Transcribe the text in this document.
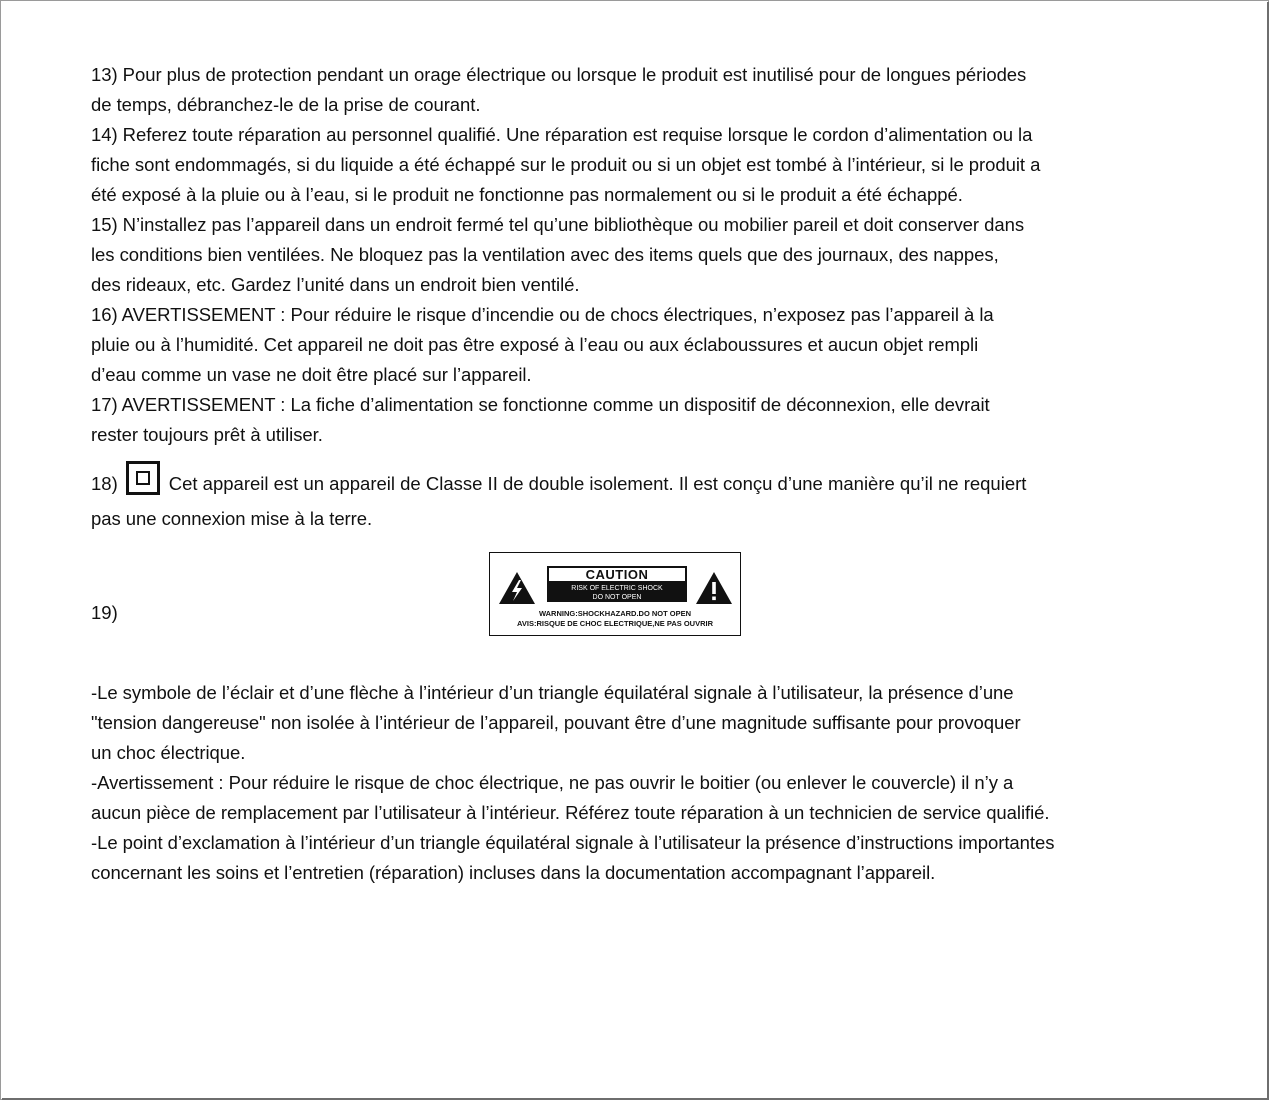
13) Pour plus de protection pendant un orage électrique ou lorsque le produit est inutilisé pour de longues périodes
de temps, débranchez-le de la prise de courant.
14) Referez toute réparation au personnel qualifié. Une réparation est requise lorsque le cordon d’alimentation ou la
fiche sont endommagés, si du liquide a été échappé sur le produit ou si un objet est tombé à l’intérieur, si le produit a
été exposé à la pluie ou à l’eau, si le produit ne fonctionne pas normalement ou si le produit a été échappé.
15) N’installez pas l’appareil dans un endroit fermé tel qu’une bibliothèque ou mobilier pareil et doit conserver dans
les conditions bien ventilées. Ne bloquez pas la ventilation avec des items quels que des journaux, des nappes,
des rideaux, etc. Gardez l’unité dans un endroit bien ventilé.
16) AVERTISSEMENT : Pour réduire le risque d’incendie ou de chocs électriques, n’exposez pas l’appareil à la
pluie ou à l’humidité. Cet appareil ne doit pas être exposé à l’eau ou aux éclaboussures et aucun objet rempli
d’eau comme un vase ne doit être placé sur l’appareil.
17) AVERTISSEMENT : La fiche d’alimentation se fonctionne comme un dispositif de déconnexion, elle devrait
rester toujours prêt à utiliser.
18)	Cet appareil est un appareil de Classe II de double isolement. Il est conçu d’une manière qu’il ne requiert
pas une connexion mise à la terre.
19)
CAUTION
RISK OF ELECTRIC SHOCK
DO NOT OPEN
WARNING:SHOCKHAZARD.DO NOT OPEN
AVIS:RISQUE DE CHOC ELECTRIQUE,NE PAS OUVRIR
-Le symbole de l’éclair et d’une flèche à l’intérieur d’un triangle équilatéral signale à l’utilisateur, la présence d’une
"tension dangereuse" non isolée à l’intérieur de l’appareil, pouvant être d’une magnitude suffisante pour provoquer
un choc électrique.
-Avertissement : Pour réduire le risque de choc électrique, ne pas ouvrir le boitier (ou enlever le couvercle) il n’y a
aucun pièce de remplacement par l’utilisateur à l’intérieur. Référez toute réparation à un technicien de service qualifié.
-Le point d’exclamation à l’intérieur d’un triangle équilatéral signale à l’utilisateur la présence d’instructions importantes
concernant les soins et l’entretien (réparation) incluses dans la documentation accompagnant l’appareil.
